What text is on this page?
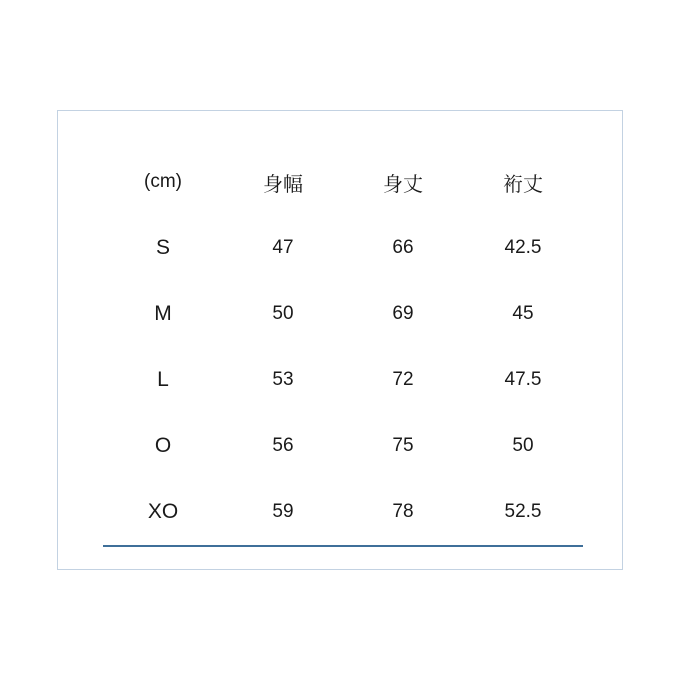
(cm)	身幅	身丈	裄丈
S	47	66	42.5
M	50	69	45
L	53	72	47.5
O	56	75	50
XO	59	78	52.5
